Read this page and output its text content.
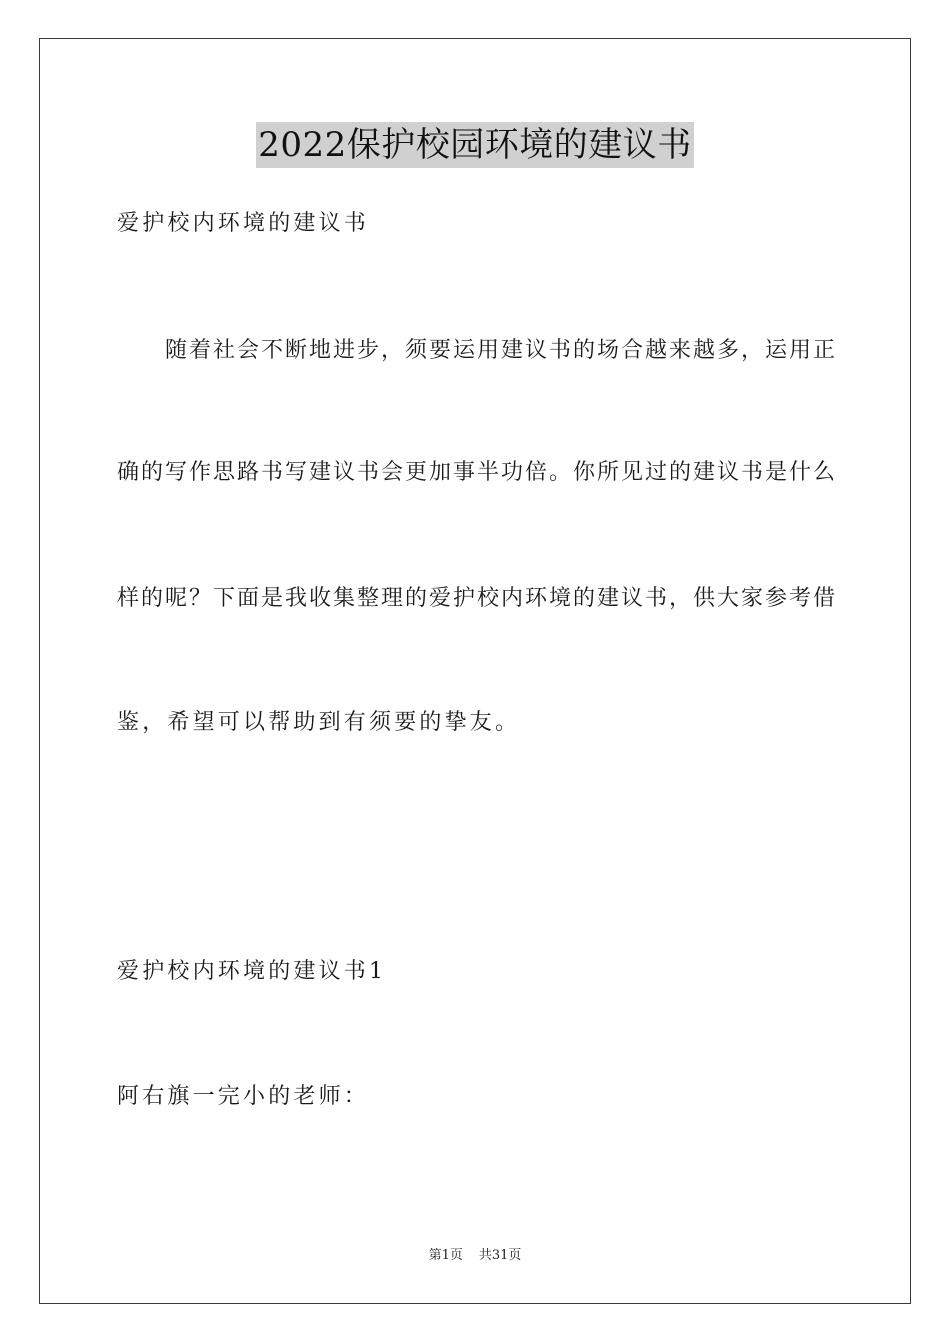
2022保护校园环境的建议书
爱护校内环境的建议书
随着社会不断地进步，须要运用建议书的场合越来越多，运用正
确的写作思路书写建议书会更加事半功倍。你所见过的建议书是什么
样的呢？下面是我收集整理的爱护校内环境的建议书，供大家参考借
鉴，希望可以帮助到有须要的挚友。
爱护校内环境的建议书1
阿右旗一完小的老师：
第1页 共31页
